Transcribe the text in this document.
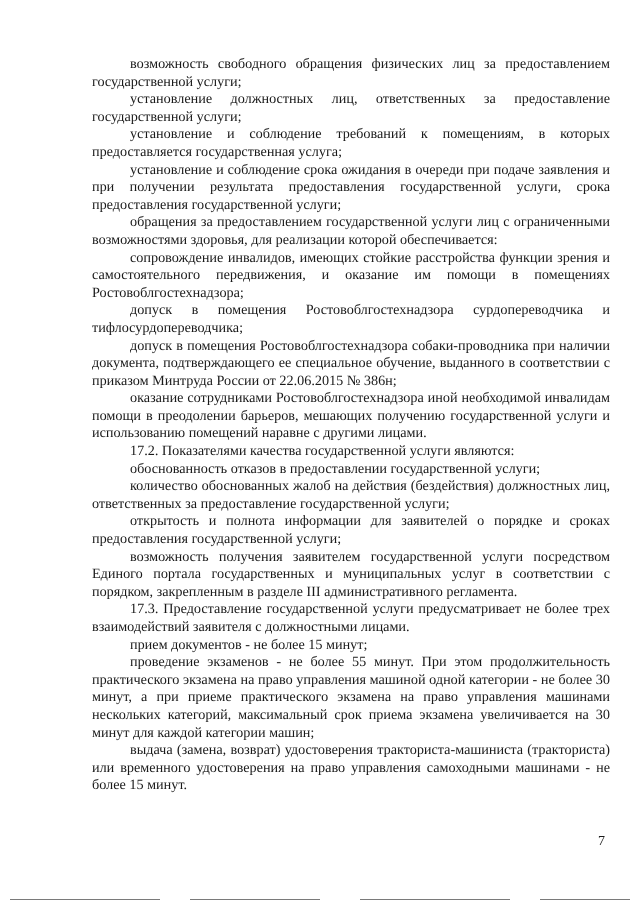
возможность свободного обращения физических лиц за предоставлением государственной услуги;

установление должностных лиц, ответственных за предоставление государственной услуги;

установление и соблюдение требований к помещениям, в которых предоставляется государственная услуга;

установление и соблюдение срока ожидания в очереди при подаче заявления и при получении результата предоставления государственной услуги, срока предоставления государственной услуги;

обращения за предоставлением государственной услуги лиц с ограниченными возможностями здоровья, для реализации которой обеспечивается:

сопровождение инвалидов, имеющих стойкие расстройства функции зрения и самостоятельного передвижения, и оказание им помощи в помещениях Ростовоблгостехнадзора;

допуск в помещения Ростовоблгостехнадзора сурдопереводчика и тифлосурдопереводчика;

допуск в помещения Ростовоблгостехнадзора собаки-проводника при наличии документа, подтверждающего ее специальное обучение, выданного в соответствии с приказом Минтруда России от 22.06.2015 № 386н;

оказание сотрудниками Ростовоблгостехнадзора иной необходимой инвалидам помощи в преодолении барьеров, мешающих получению государственной услуги и использованию помещений наравне с другими лицами.

17.2. Показателями качества государственной услуги являются:

обоснованность отказов в предоставлении государственной услуги;

количество обоснованных жалоб на действия (бездействия) должностных лиц, ответственных за предоставление государственной услуги;

открытость и полнота информации для заявителей о порядке и сроках предоставления государственной услуги;

возможность получения заявителем государственной услуги посредством Единого портала государственных и муниципальных услуг в соответствии с порядком, закрепленным в разделе III административного регламента.

17.3. Предоставление государственной услуги предусматривает не более трех взаимодействий заявителя с должностными лицами.

прием документов - не более 15 минут;

проведение экзаменов - не более 55 минут. При этом продолжительность практического экзамена на право управления машиной одной категории - не более 30 минут, а при приеме практического экзамена на право управления машинами нескольких категорий, максимальный срок приема экзамена увеличивается на 30 минут для каждой категории машин;

выдача (замена, возврат) удостоверения тракториста-машиниста (тракториста) или временного удостоверения на право управления самоходными машинами - не более 15 минут.

7
